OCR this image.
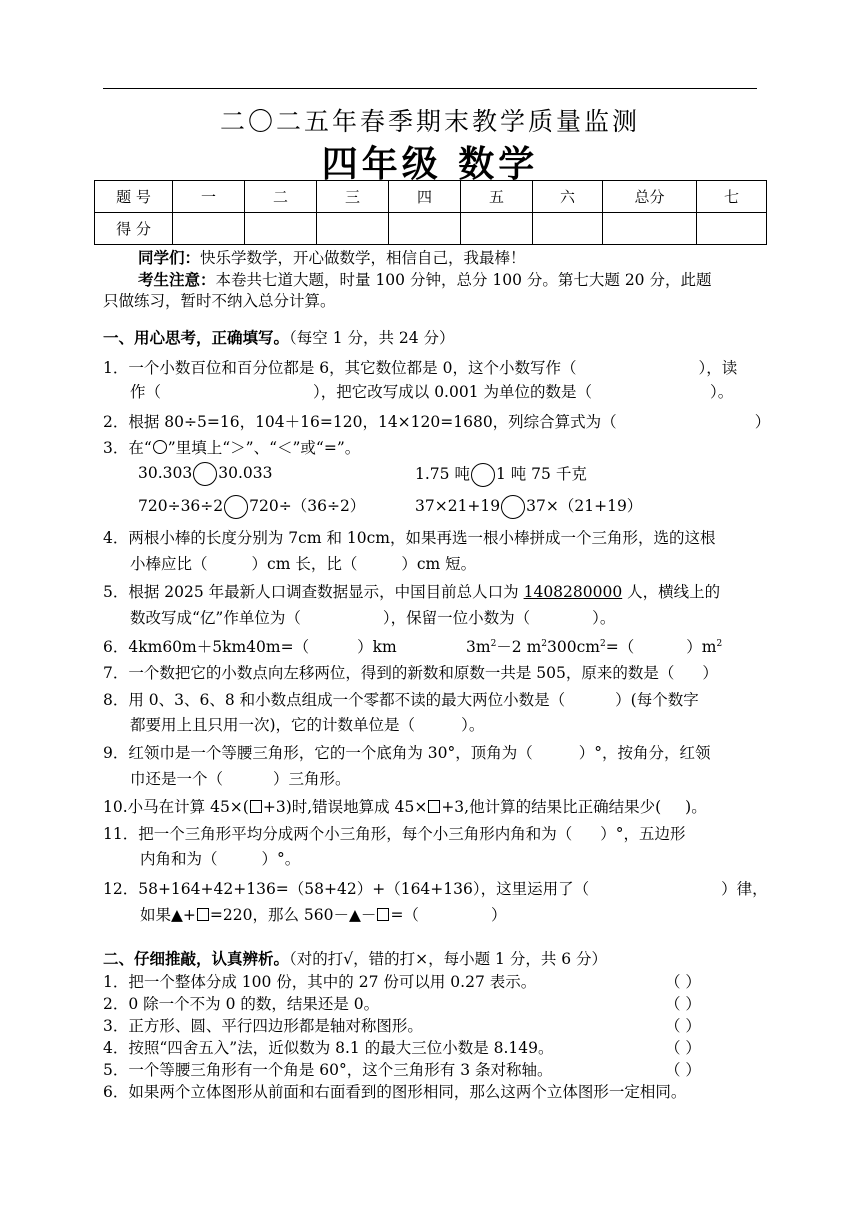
二〇二五年春季期末教学质量监测
四年级 数学
题 号	一	二	三	四	五	六	总分	七
得 分								
同学们：快乐学数学，开心做数学，相信自己，我最棒！
考生注意：本卷共七道大题，时量 100 分钟，总分 100 分。第七大题 20 分，此题
只做练习，暂时不纳入总分计算。
一、用心思考，正确填写。（每空 1 分，共 24 分）
1．一个小数百位和百分位都是 6，其它数位都是 0，这个小数写作（	），读
作（	），把它改写成以 0.001 为单位的数是（	）。
2．根据 80÷5=16，104＋16=120，14×120=1680，列综合算式为（	）
3．在“ ”里填上“＞”、“＜”或“=”。
30.303 30.033	1.75 吨 1 吨 75 千克
720÷36÷2 720÷（36÷2）	37×21+19 37×（21+19）
4．两根小棒的长度分别为 7cm 和 10cm，如果再选一根小棒拼成一个三角形，选的这根
小棒应比（	）cm 长，比（	）cm 短。
5．根据 2025 年最新人口调查数据显示，中国目前总人口为 1408280000 人，横线上的
数改写成“亿”作单位为（	），保留一位小数为（	）。
6．4km60m＋5km40m=（	）km	$3m^2-2$ $m^2300cm^2=$（	）$m^2$
7．一个数把它的小数点向左移两位，得到的新数和原数一共是 505，原来的数是（ ）
8．用 0、3、6、8 和小数点组成一个零都不读的最大两位小数是（	）(每个数字
都要用上且只用一次)，它的计数单位是（	）。
9．红领巾是一个等腰三角形，它的一个底角为 30°，顶角为（	）°，按角分，红领
巾还是一个（	）三角形。
10.小马在计算 45×( +3)时,错误地算成 45× +3,他计算的结果比正确结果少( )。
11．把一个三角形平均分成两个小三角形，每个小三角形内角和为（ ）°，五边形
内角和为（	）°。
12．58+164+42+136=（58+42）+（164+136），这里运用了（	）律，
如果▲+ =220，那么 560－▲－ =（	）
二、仔细推敲，认真辨析。（对的打√，错的打×，每小题 1 分，共 6 分）
1．把一个整体分成 100 份，其中的 27 份可以用 0.27 表示。	（ ）
2．0 除一个不为 0 的数，结果还是 0。	（ ）
3．正方形、圆、平行四边形都是轴对称图形。	（ ）
4．按照“四舍五入”法，近似数为 8.1 的最大三位小数是 8.149。	（ ）
5．一个等腰三角形有一个角是 60°，这个三角形有 3 条对称轴。	（ ）
6．如果两个立体图形从前面和右面看到的图形相同，那么这两个立体图形一定相同。
